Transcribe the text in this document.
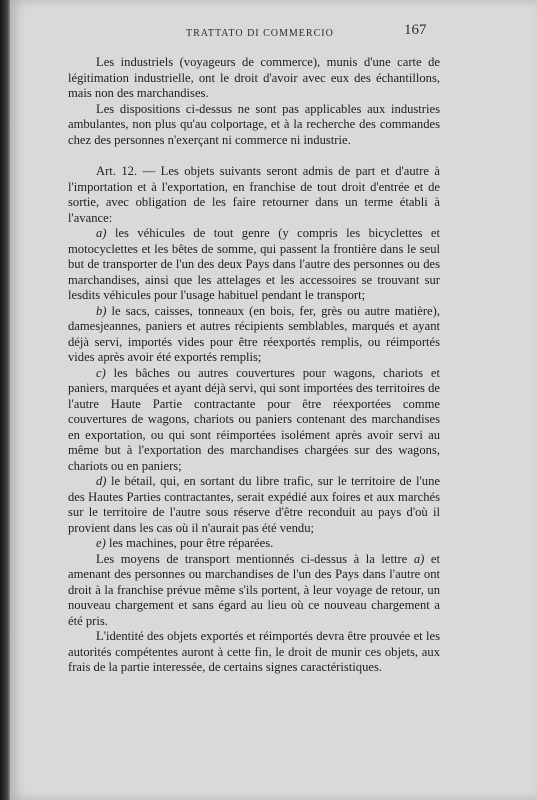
TRATTATO DI COMMERCIO	167

Les industriels (voyageurs de commerce), munis d'une carte de légitimation industrielle, ont le droit d'avoir avec eux des échantillons, mais non des marchandises.

Les dispositions ci-dessus ne sont pas applicables aux industries ambulantes, non plus qu'au colportage, et à la recherche des commandes chez des personnes n'exerçant ni commerce ni industrie.

Art. 12. — Les objets suivants seront admis de part et d'autre à l'importation et à l'exportation, en franchise de tout droit d'entrée et de sortie, avec obligation de les faire retourner dans un terme établi à l'avance:

a) les véhicules de tout genre (y compris les bicyclettes et motocyclettes et les bêtes de somme, qui passent la frontière dans le seul but de transporter de l'un des deux Pays dans l'autre des personnes ou des marchandises, ainsi que les attelages et les accessoires se trouvant sur lesdits véhicules pour l'usage habituel pendant le transport;

b) le sacs, caisses, tonneaux (en bois, fer, grès ou autre matière), damesjeannes, paniers et autres récipients semblables, marqués et ayant déjà servi, importés vides pour être réexportés remplis, ou réimportés vides après avoir été exportés remplis;

c) les bâches ou autres couvertures pour wagons, chariots et paniers, marquées et ayant déjà servi, qui sont importées des territoires de l'autre Haute Partie contractante pour être réexportées comme couvertures de wagons, chariots ou paniers contenant des marchandises en exportation, ou qui sont réimportées isolément après avoir servi au même but à l'exportation des marchandises chargées sur des wagons, chariots ou en paniers;

d) le bétail, qui, en sortant du libre trafic, sur le territoire de l'une des Hautes Parties contractantes, serait expédié aux foires et aux marchés sur le territoire de l'autre sous réserve d'être reconduit au pays d'où il provient dans les cas où il n'aurait pas été vendu;

e) les machines, pour être réparées.

Les moyens de transport mentionnés ci-dessus à la lettre a) et amenant des personnes ou marchandises de l'un des Pays dans l'autre ont droit à la franchise prévue même s'ils portent, à leur voyage de retour, un nouveau chargement et sans égard au lieu où ce nouveau chargement a été pris.

L'identité des objets exportés et réimportés devra être prouvée et les autorités compétentes auront à cette fin, le droit de munir ces objets, aux frais de la partie interessée, de certains signes caractéristiques.
